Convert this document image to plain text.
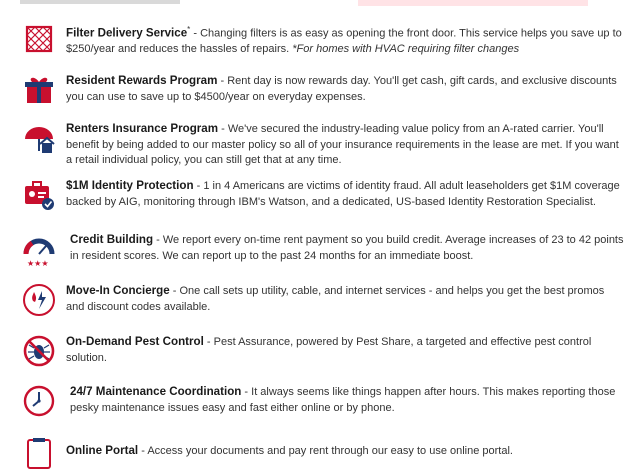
Filter Delivery Service* - Changing filters is as easy as opening the front door. This service helps you save up to $250/year and reduces the hassles of repairs. *For homes with HVAC requiring filter changes
Resident Rewards Program - Rent day is now rewards day. You'll get cash, gift cards, and exclusive discounts you can use to save up to $4500/year on everyday expenses.
Renters Insurance Program - We've secured the industry-leading value policy from an A-rated carrier. You'll benefit by being added to our master policy so all of your insurance requirements in the lease are met. If you want a retail individual policy, you can still get that at any time.
$1M Identity Protection - 1 in 4 Americans are victims of identity fraud. All adult leaseholders get $1M coverage backed by AIG, monitoring through IBM's Watson, and a dedicated, US-based Identity Restoration Specialist.
★★★
Credit Building - We report every on-time rent payment so you build credit. Average increases of 23 to 42 points in resident scores. We can report up to the past 24 months for an immediate boost.
Move-In Concierge - One call sets up utility, cable, and internet services - and helps you get the best promos and discount codes available.
On-Demand Pest Control - Pest Assurance, powered by Pest Share, a targeted and effective pest control solution.
24/7 Maintenance Coordination - It always seems like things happen after hours. This makes reporting those pesky maintenance issues easy and fast either online or by phone.
Online Portal - Access your documents and pay rent through our easy to use online portal.
